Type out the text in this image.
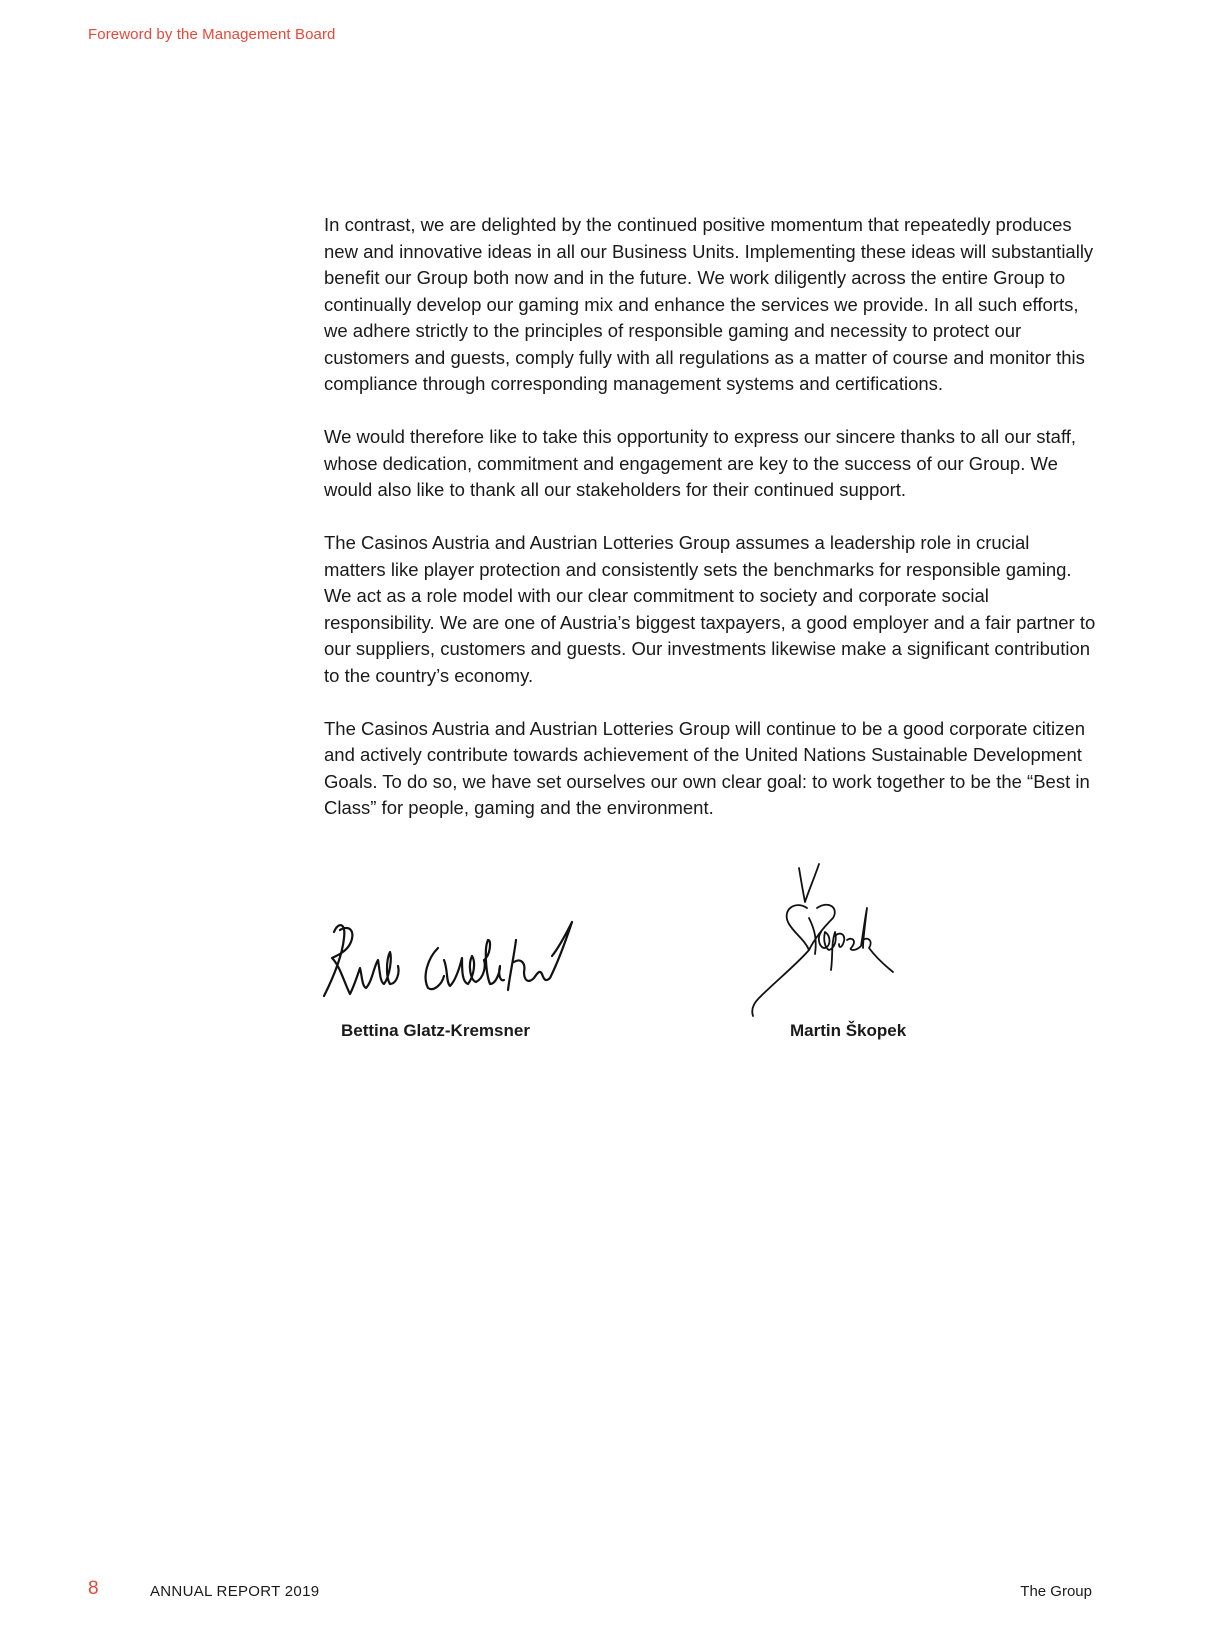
Foreword by the Management Board

In contrast, we are delighted by the continued positive momentum that repeatedly produces new and innovative ideas in all our Business Units. Implementing these ideas will substantially benefit our Group both now and in the future. We work diligently across the entire Group to continually develop our gaming mix and enhance the services we provide. In all such efforts, we adhere strictly to the principles of responsible gaming and necessity to protect our customers and guests, comply fully with all regulations as a matter of course and monitor this compliance through corresponding management systems and certifications.

We would therefore like to take this opportunity to express our sincere thanks to all our staff, whose dedication, commitment and engagement are key to the success of our Group. We would also like to thank all our stakeholders for their continued support.

The Casinos Austria and Austrian Lotteries Group assumes a leadership role in crucial matters like player protection and consistently sets the benchmarks for responsible gaming. We act as a role model with our clear commitment to society and corporate social responsibility. We are one of Austria’s biggest taxpayers, a good employer and a fair partner to our suppliers, customers and guests. Our investments likewise make a significant contribution to the country’s economy.

The Casinos Austria and Austrian Lotteries Group will continue to be a good corporate citizen and actively contribute towards achievement of the United Nations Sustainable Development Goals. To do so, we have set ourselves our own clear goal: to work together to be the “Best in Class” for people, gaming and the environment.

Bettina Glatz-Kremsner	Martin Škopek
8	ANNUAL REPORT 2019	The Group
